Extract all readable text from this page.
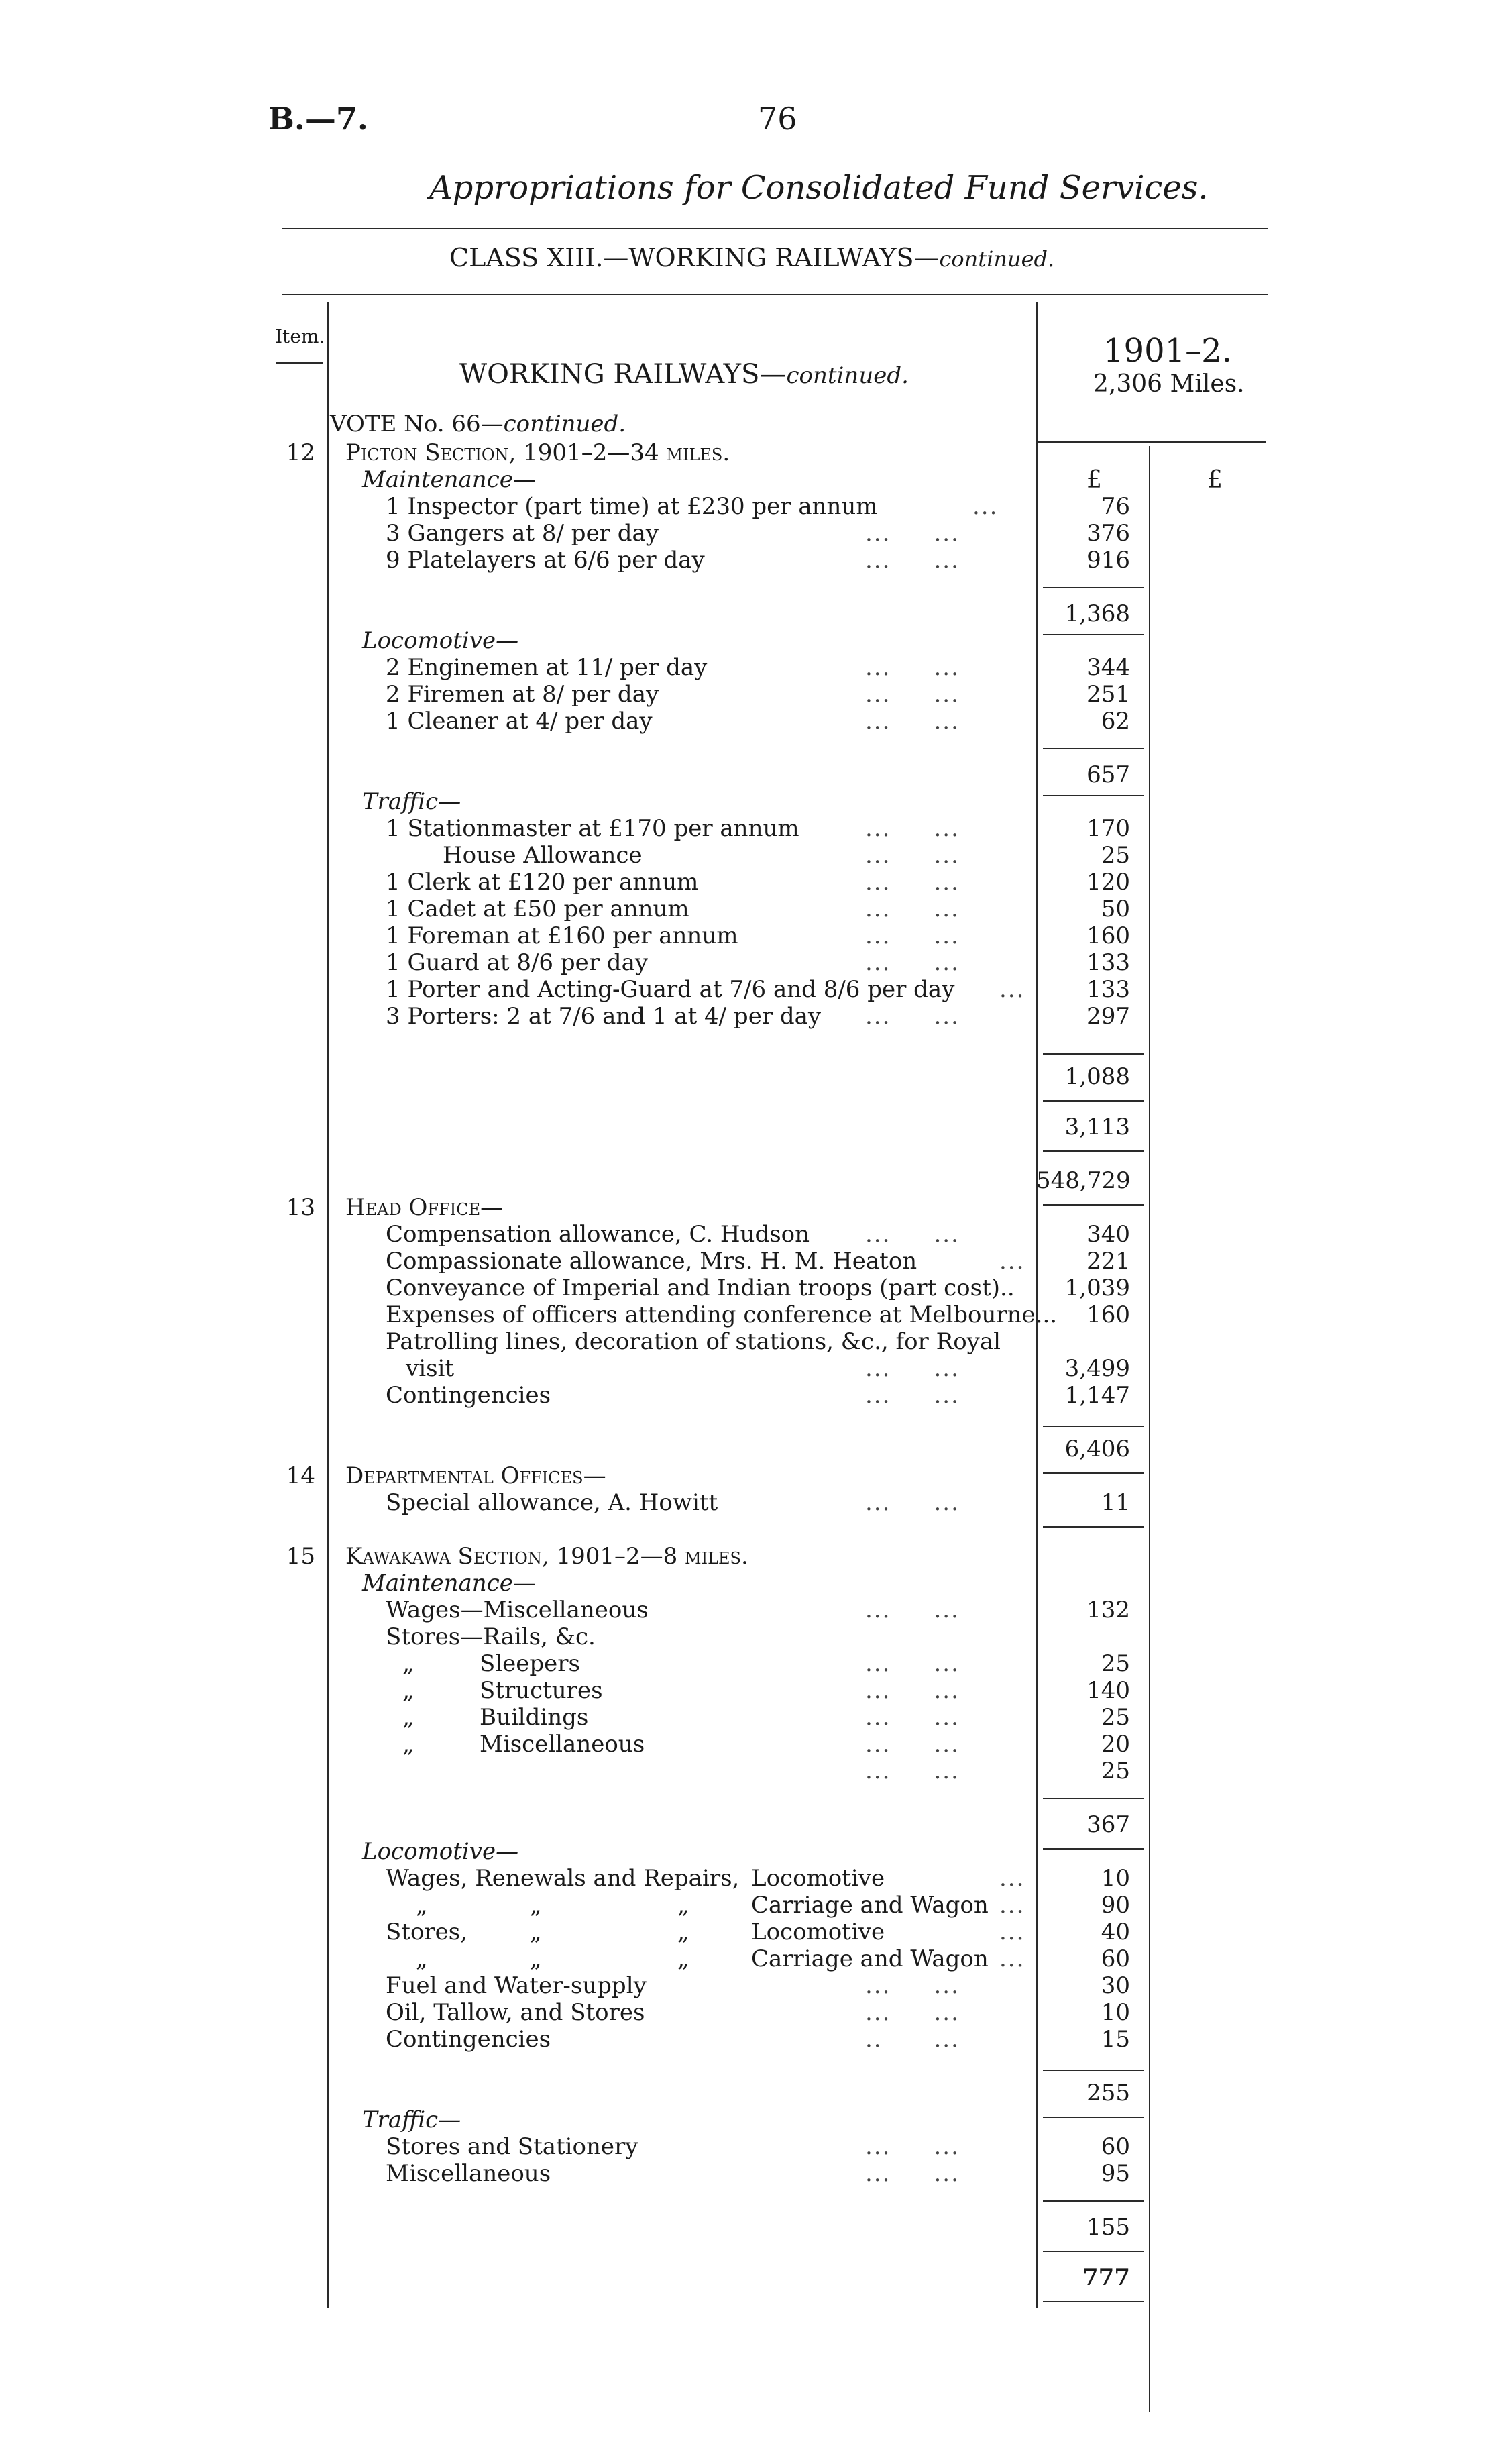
B.—7.	76
Appropriations for Consolidated Fund Services.
CLASS XIII.—WORKING RAILWAYS—continued.
Item.
WORKING RAILWAYS—continued.
1901–2.
2,306 Miles.
VOTE No. 66—continued.
£	£
12 Picton Section, 1901–2—34 miles.
Maintenance—
1 Inspector (part time) at £230 per annum	...	76
3 Gangers at 8/ per day	...     ...	376
9 Platelayers at 6/6 per day	...     ...	916
1,368
Locomotive—
2 Enginemen at 11/ per day	...     ...	344
2 Firemen at 8/ per day	...     ...	251
1 Cleaner at 4/ per day	...     ...	62
657
Traffic—
1 Stationmaster at £170 per annum	...     ...	170
House Allowance	...     ...	25
1 Clerk at £120 per annum	...     ...	120
1 Cadet at £50 per annum	...     ...	50
1 Foreman at £160 per annum	...     ...	160
1 Guard at 8/6 per day	...     ...	133
1 Porter and Acting-Guard at 7/6 and 8/6 per day ...	133
3 Porters: 2 at 7/6 and 1 at 4/ per day ...     ...	297
1,088
3,113
548,729
13 Head Office—
Compensation allowance, C. Hudson ...     ...	340
Compassionate allowance, Mrs. H. M. Heaton	...	221
Conveyance of Imperial and Indian troops (part cost)..	1,039
Expenses of officers attending conference at Melbourne...	160
Patrolling lines, decoration of stations, &c., for Royal
visit	...     ...	3,499
Contingencies	...     ...	1,147
6,406
14 Departmental Offices—
Special allowance, A. Howitt	...     ...	11
15 Kawakawa Section, 1901–2—8 miles.
Maintenance—
Wages—Miscellaneous	...     ...	132
Stores—Rails, &c.
„	Sleepers	...     ...	25
„	Structures	...     ...	140
„	Buildings	...     ...	25
„	Miscellaneous	...     ...	20
...     ...	25
367
Locomotive—
Wages, Renewals and Repairs, Locomotive	...	10
„	„	„	Carriage and Wagon ...	90
Stores,	„	„	Locomotive	...	40
„	„	„	Carriage and Wagon ...	60
Fuel and Water-supply	...     ...	30
Oil, Tallow, and Stores	...     ...	10
Contingencies	..      ...	15
255
Traffic—
Stores and Stationery	...     ...	60
Miscellaneous	...     ...	95
155
777
